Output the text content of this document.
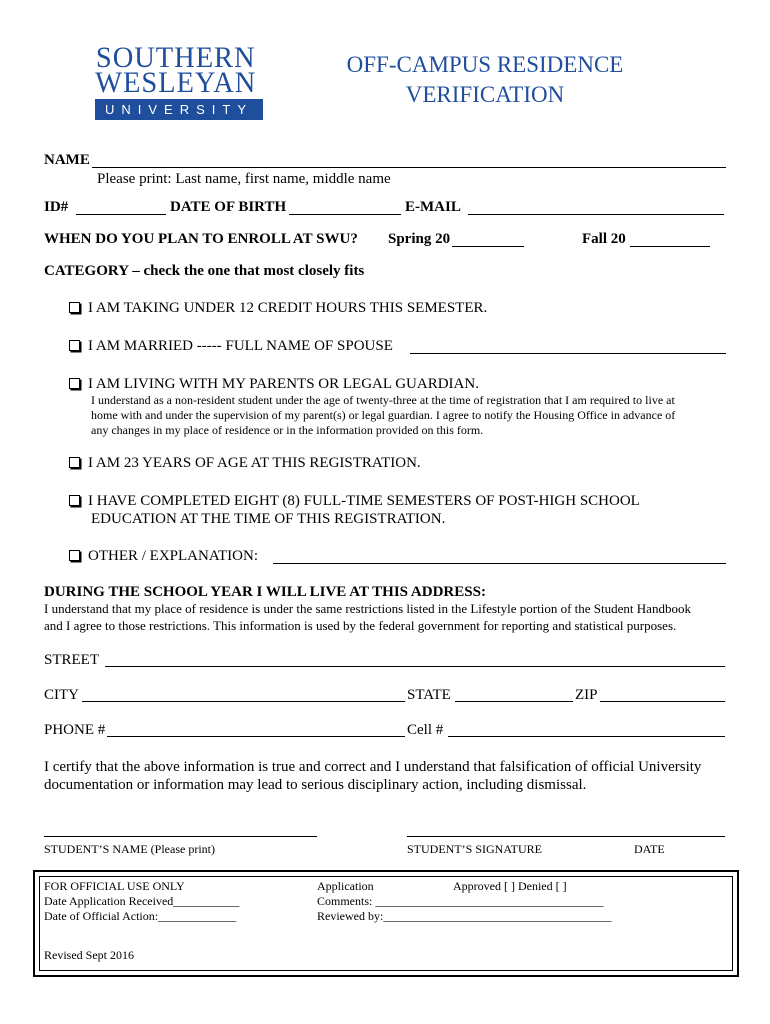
SOUTHERN
WESLEYAN
UNIVERSITY
OFF-CAMPUS RESIDENCE
VERIFICATION
NAME
Please print: Last name, first name, middle name
ID#	DATE OF BIRTH	E-MAIL
WHEN DO YOU PLAN TO ENROLL AT SWU? Spring 20	Fall 20
CATEGORY – check the one that most closely fits
I AM TAKING UNDER 12 CREDIT HOURS THIS SEMESTER.
I AM MARRIED ----- FULL NAME OF SPOUSE
I AM LIVING WITH MY PARENTS OR LEGAL GUARDIAN.
I understand as a non-resident student under the age of twenty-three at the time of registration that I am required to live at
home with and under the supervision of my parent(s) or legal guardian. I agree to notify the Housing Office in advance of
any changes in my place of residence or in the information provided on this form.
I AM 23 YEARS OF AGE AT THIS REGISTRATION.
I HAVE COMPLETED EIGHT (8) FULL-TIME SEMESTERS OF POST-HIGH SCHOOL
EDUCATION AT THE TIME OF THIS REGISTRATION.
OTHER / EXPLANATION:
DURING THE SCHOOL YEAR I WILL LIVE AT THIS ADDRESS:
I understand that my place of residence is under the same restrictions listed in the Lifestyle portion of the Student Handbook
and I agree to those restrictions. This information is used by the federal government for reporting and statistical purposes.
STREET
CITY	STATE	ZIP
PHONE #	Cell #
I certify that the above information is true and correct and I understand that falsification of official University
documentation or information may lead to serious disciplinary action, including dismissal.
STUDENT’S NAME (Please print)	STUDENT’S SIGNATURE	DATE
FOR OFFICIAL USE ONLY
Date Application Received___________
Date of Official Action:_____________
Application	Approved [ ] Denied [ ]
Comments: ______________________________________
Reviewed by:______________________________________
Revised Sept 2016
